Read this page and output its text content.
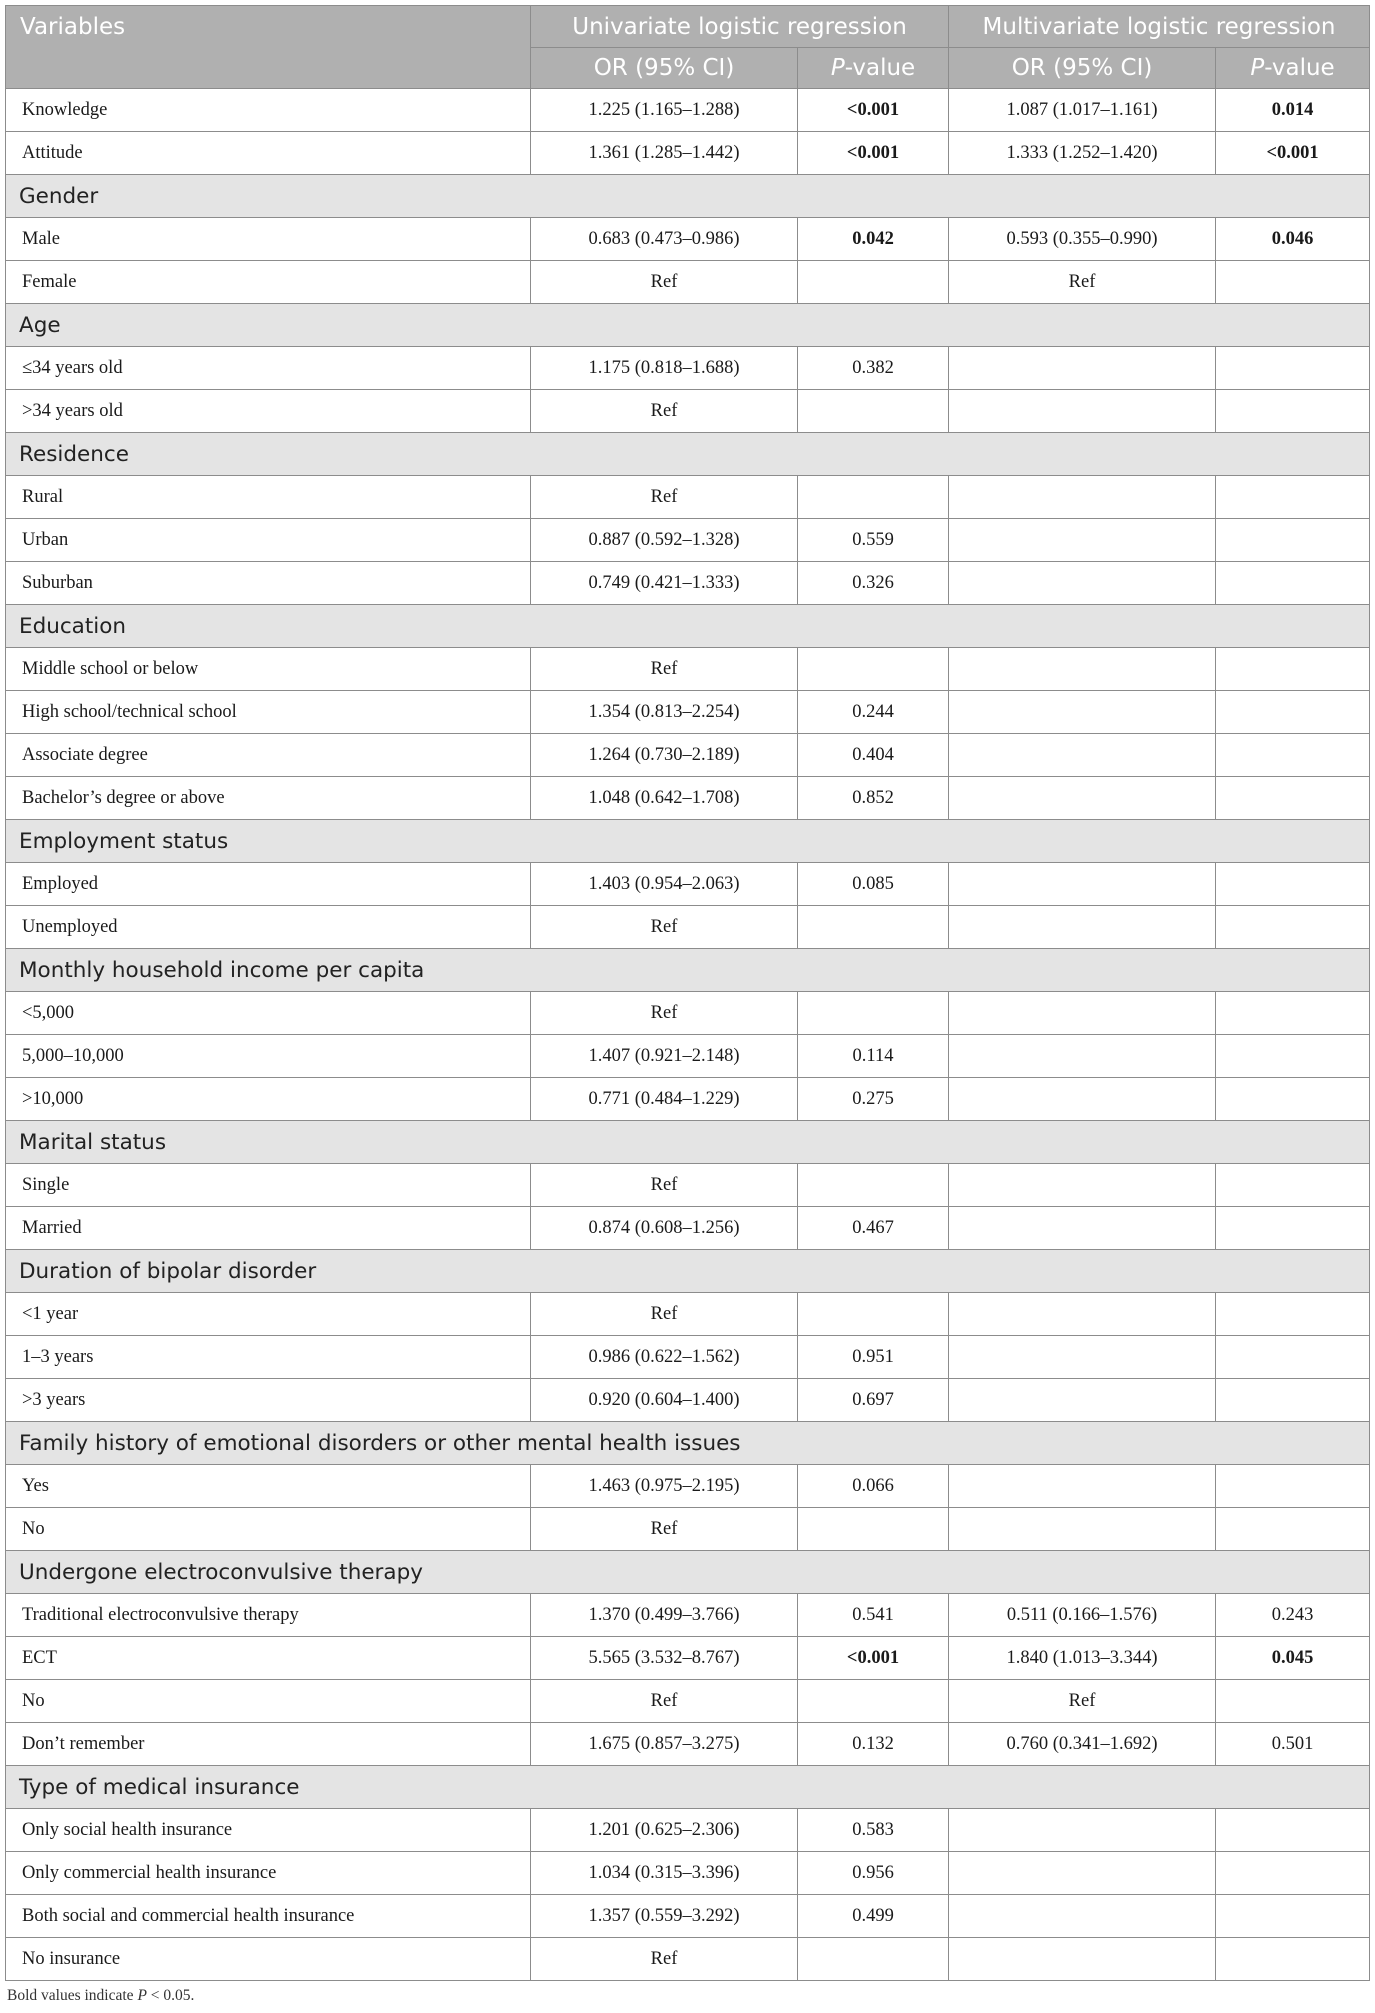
Variables	Univariate logistic regression		Multivariate logistic regression	
	OR (95% CI)	P-value	OR (95% CI)	P-value
Knowledge	1.225 (1.165–1.288)	<0.001	1.087 (1.017–1.161)	0.014
Attitude	1.361 (1.285–1.442)	<0.001	1.333 (1.252–1.420)	<0.001
Gender				
Male	0.683 (0.473–0.986)	0.042	0.593 (0.355–0.990)	0.046
Female	Ref		Ref	
Age				
≤34 years old	1.175 (0.818–1.688)	0.382		
>34 years old	Ref			
Residence				
Rural	Ref			
Urban	0.887 (0.592–1.328)	0.559		
Suburban	0.749 (0.421–1.333)	0.326		
Education				
Middle school or below	Ref			
High school/technical school	1.354 (0.813–2.254)	0.244		
Associate degree	1.264 (0.730–2.189)	0.404		
Bachelor’s degree or above	1.048 (0.642–1.708)	0.852		
Employment status				
Employed	1.403 (0.954–2.063)	0.085		
Unemployed	Ref			
Monthly household income per capita				
<5,000	Ref			
5,000–10,000	1.407 (0.921–2.148)	0.114		
>10,000	0.771 (0.484–1.229)	0.275		
Marital status				
Single	Ref			
Married	0.874 (0.608–1.256)	0.467		
Duration of bipolar disorder				
<1 year	Ref			
1–3 years	0.986 (0.622–1.562)	0.951		
>3 years	0.920 (0.604–1.400)	0.697		
Family history of emotional disorders or other mental health issues				
Yes	1.463 (0.975–2.195)	0.066		
No	Ref			
Undergone electroconvulsive therapy				
Traditional electroconvulsive therapy	1.370 (0.499–3.766)	0.541	0.511 (0.166–1.576)	0.243
ECT	5.565 (3.532–8.767)	<0.001	1.840 (1.013–3.344)	0.045
No	Ref		Ref	
Don’t remember	1.675 (0.857–3.275)	0.132	0.760 (0.341–1.692)	0.501
Type of medical insurance				
Only social health insurance	1.201 (0.625–2.306)	0.583		
Only commercial health insurance	1.034 (0.315–3.396)	0.956		
Both social and commercial health insurance	1.357 (0.559–3.292)	0.499		
No insurance	Ref			
Bold values indicate P < 0.05.
